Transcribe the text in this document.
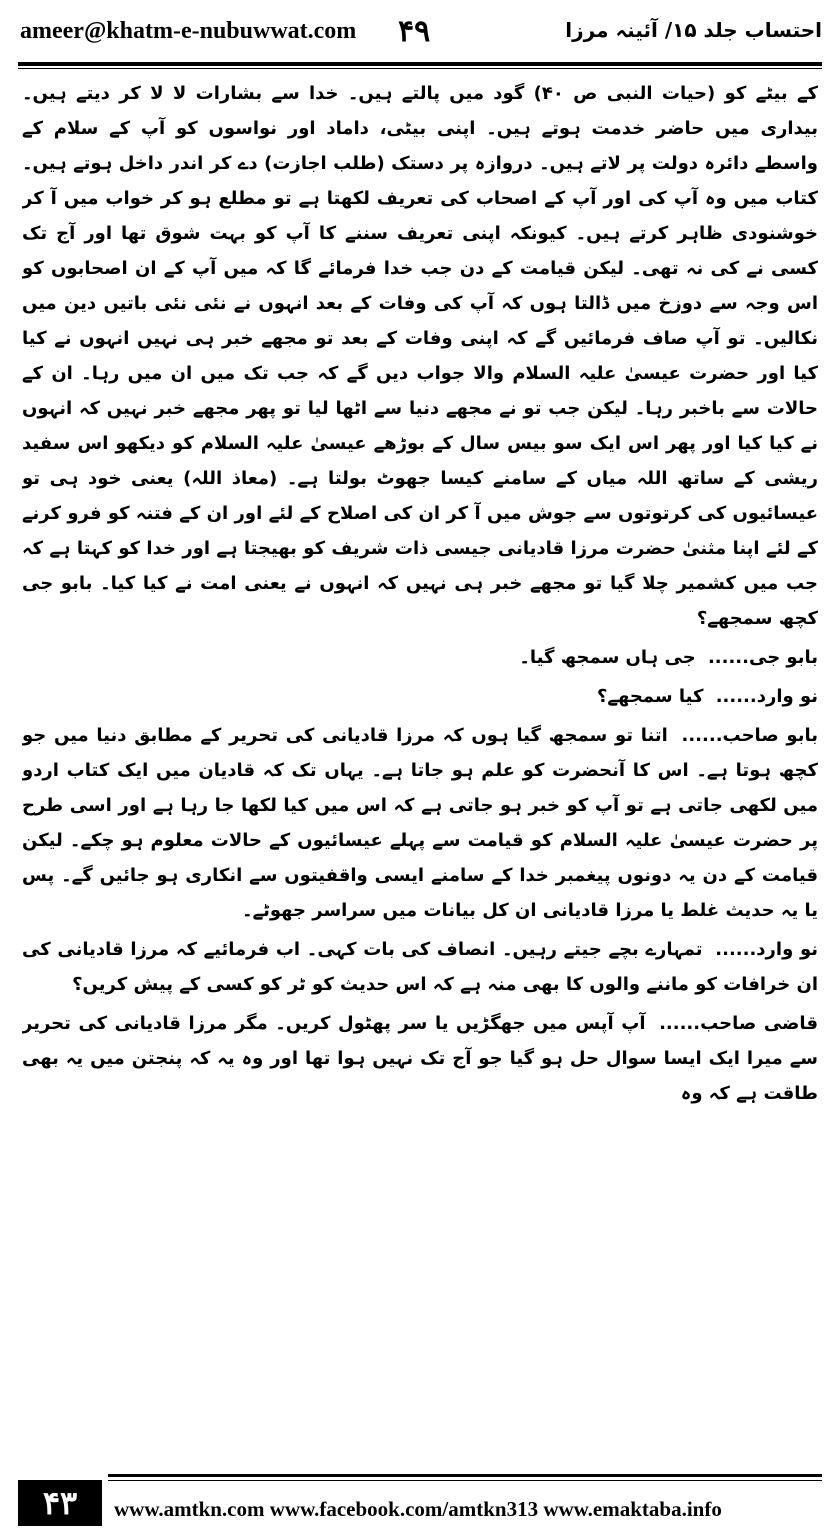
ameer@khatm-e-nubuwwat.com ۴۹	احتساب جلد ۱۵/ آئینہ مرزا

کے بیٹے کو (حیات النبی ص ۴۰) گود میں پالتے ہیں۔ خدا سے بشارات لا لا کر دیتے ہیں۔ بیداری میں حاضر خدمت ہوتے ہیں۔ اپنی بیٹی، داماد اور نواسوں کو آپ کے سلام کے واسطے دائرہ دولت پر لاتے ہیں۔ دروازہ پر دستک (طلب اجازت) دے کر اندر داخل ہوتے ہیں۔ کتاب میں وہ آپ کی اور آپ کے اصحاب کی تعریف لکھتا ہے تو مطلع ہو کر خواب میں آ کر خوشنودی ظاہر کرتے ہیں۔ کیونکہ اپنی تعریف سننے کا آپ کو بہت شوق تھا اور آج تک کسی نے کی نہ تھی۔ لیکن قیامت کے دن جب خدا فرمائے گا کہ میں آپ کے ان اصحابوں کو اس وجہ سے دوزخ میں ڈالتا ہوں کہ آپ کی وفات کے بعد انہوں نے نئی نئی باتیں دین میں نکالیں۔ تو آپ صاف فرمائیں گے کہ اپنی وفات کے بعد تو مجھے خبر ہی نہیں انہوں نے کیا کیا اور حضرت عیسیٰ علیہ السلام والا جواب دیں گے کہ جب تک میں ان میں رہا۔ ان کے حالات سے باخبر رہا۔ لیکن جب تو نے مجھے دنیا سے اٹھا لیا تو پھر مجھے خبر نہیں کہ انہوں نے کیا کیا اور پھر اس ایک سو بیس سال کے بوڑھے عیسیٰ علیہ السلام کو دیکھو اس سفید ریشی کے ساتھ اللہ میاں کے سامنے کیسا جھوٹ بولتا ہے۔ (معاذ اللہ) یعنی خود ہی تو عیسائیوں کی کرتوتوں سے جوش میں آ کر ان کی اصلاح کے لئے اور ان کے فتنہ کو فرو کرنے کے لئے اپنا مثنیٰ حضرت مرزا قادیانی جیسی ذات شریف کو بھیجتا ہے اور خدا کو کہتا ہے کہ جب میں کشمیر چلا گیا تو مجھے خبر ہی نہیں کہ انہوں نے یعنی امت نے کیا کیا۔ بابو جی کچھ سمجھے؟

بابو جی...... جی ہاں سمجھ گیا۔

نو وارد...... کیا سمجھے؟

بابو صاحب...... اتنا تو سمجھ گیا ہوں کہ مرزا قادیانی کی تحریر کے مطابق دنیا میں جو کچھ ہوتا ہے۔ اس کا آنحضرت کو علم ہو جاتا ہے۔ یہاں تک کہ قادیان میں ایک کتاب اردو میں لکھی جاتی ہے تو آپ کو خبر ہو جاتی ہے کہ اس میں کیا لکھا جا رہا ہے اور اسی طرح پر حضرت عیسیٰ علیہ السلام کو قیامت سے پہلے عیسائیوں کے حالات معلوم ہو چکے۔ لیکن قیامت کے دن یہ دونوں پیغمبر خدا کے سامنے ایسی واقفیتوں سے انکاری ہو جائیں گے۔ پس یا یہ حدیث غلط یا مرزا قادیانی ان کل بیانات میں سراسر جھوٹے۔

نو وارد...... تمہارے بچے جیتے رہیں۔ انصاف کی بات کہی۔ اب فرمائیے کہ مرزا قادیانی کی ان خرافات کو ماننے والوں کا بھی منہ ہے کہ اس حدیث کو ٹر کو کسی کے پیش کریں؟

قاضی صاحب...... آپ آپس میں جھگڑیں یا سر پھٹول کریں۔ مگر مرزا قادیانی کی تحریر سے میرا ایک ایسا سوال حل ہو گیا جو آج تک نہیں ہوا تھا اور وہ یہ کہ پنجتن میں یہ بھی طاقت ہے کہ وہ

۴۳	www.amtkn.com www.facebook.com/amtkn313 www.emaktaba.info
